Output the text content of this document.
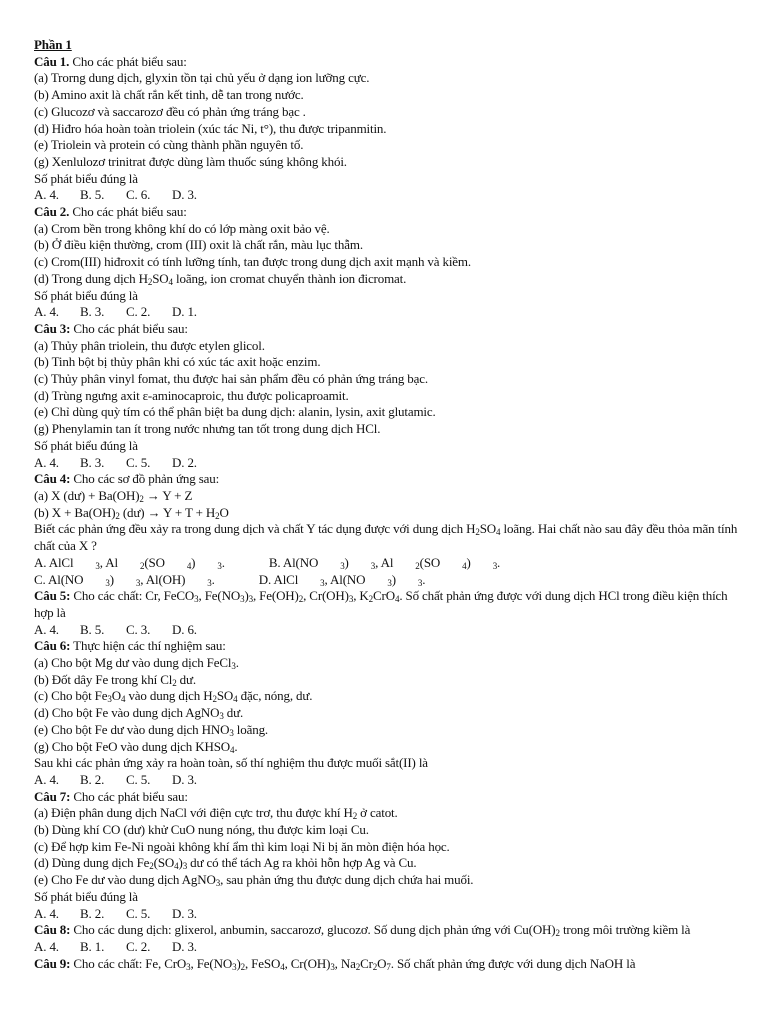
Phần 1
Câu 1. Cho các phát biểu sau:
(a) Trorng dung dịch, glyxin tồn tại chủ yếu ở dạng ion lưỡng cực.
(b) Amino axit là chất rắn kết tinh, dễ tan trong nước.
(c) Glucozơ và saccarozơ đều có phản ứng tráng bạc .
(d) Hiđro hóa hoàn toàn triolein (xúc tác Ni, t°), thu được tripanmitin.
(e) Triolein và protein có cùng thành phần nguyên tố.
(g) Xenlulozơ trinitrat được dùng làm thuốc súng không khói.
Số phát biểu đúng là
A. 4.	B. 5.	C. 6.	D. 3.
Câu 2. Cho các phát biểu sau:
(a) Crom bền trong không khí do có lớp màng oxit bảo vệ.
(b) Ở điều kiện thường, crom (III) oxit là chất rắn, màu lục thẫm.
(c) Crom(III) hiđroxit có tính lưỡng tính, tan được trong dung dịch axit mạnh và kiềm.
(d) Trong dung dịch $H_2SO_4$ loãng, ion cromat chuyển thành ion đicromat.
Số phát biểu đúng là
A. 4.	B. 3.	C. 2.	D. 1.
Câu 3: Cho các phát biểu sau:
(a) Thủy phân triolein, thu được etylen glicol.
(b) Tinh bột bị thủy phân khi có xúc tác axit hoặc enzim.
(c) Thủy phân vinyl fomat, thu được hai sản phẩm đều có phản ứng tráng bạc.
(d) Trùng ngưng axit ε-aminocaproic, thu được policaproamit.
(e) Chỉ dùng quỳ tím có thể phân biệt ba dung dịch: alanin, lysin, axit glutamic.
(g) Phenylamin tan ít trong nước nhưng tan tốt trong dung dịch HCl.
Số phát biểu đúng là
A. 4.	B. 3.	C. 5.	D. 2.
Câu 4: Cho các sơ đồ phản ứng sau:
(a) X (dư) + $Ba(OH)_2 \to Y + Z$
(b) $X + Ba(OH)_2$ (dư) → $Y + T + H_2O$
Biết các phản ứng đều xảy ra trong dung dịch và chất Y tác dụng được với dung dịch $H_2SO_4$ loãng. Hai chất nào sau đây đều thỏa mãn tính chất của X ?
A. AlCl $_3$, Al $_2$(SO $_4$) $_3$.	B. Al(NO $_3$) $_3$, Al $_2$(SO $_4$) $_3$.
C. Al(NO $_3$) $_3$, Al(OH) $_3$.	D. AlCl $_3$, Al(NO $_3$) $_3$.
Câu 5: Cho các chất: Cr, FeCO$_3$, $Fe(NO_3)_3$, $Fe(OH)_2$, $Cr(OH)_3$, $K_2CrO_4$. Số chất phản ứng được với dung dịch HCl trong điều kiện thích hợp là
A. 4.	B. 5.	C. 3.	D. 6.
Câu 6: Thực hiện các thí nghiệm sau:
(a) Cho bột Mg dư vào dung dịch FeCl$_3$.
(b) Đốt dây Fe trong khí $Cl_2$ dư.
(c) Cho bột $Fe_3O_4$ vào dung dịch $H_2SO_4$ đặc, nóng, dư.
(d) Cho bột Fe vào dung dịch AgNO$_3$ dư.
(e) Cho bột Fe dư vào dung dịch $HNO_3$ loãng.
(g) Cho bột FeO vào dung dịch $KHSO_4$.
Sau khi các phản ứng xảy ra hoàn toàn, số thí nghiệm thu được muối sắt(II) là
A. 4.	B. 2.	C. 5.	D. 3.
Câu 7: Cho các phát biểu sau:
(a) Điện phân dung dịch NaCl với điện cực trơ, thu được khí $H_2$ ở catot.
(b) Dùng khí CO (dư) khử CuO nung nóng, thu được kim loại Cu.
(c) Để hợp kim Fe-Ni ngoài không khí ẩm thì kim loại Ni bị ăn mòn điện hóa học.
(d) Dùng dung dịch $Fe_2(SO_4)_3$ dư có thể tách Ag ra khỏi hỗn hợp Ag và Cu.
(e) Cho Fe dư vào dung dịch AgNO$_3$, sau phản ứng thu được dung dịch chứa hai muối.
Số phát biểu đúng là
A. 4.	B. 2.	C. 5.	D. 3.
Câu 8: Cho các dung dịch: glixerol, anbumin, saccarozơ, glucozơ. Số dung dịch phản ứng với $Cu(OH)_2$ trong môi trường kiềm là
A. 4.	B. 1.	C. 2.	D. 3.
Câu 9: Cho các chất: Fe, CrO$_3$, $Fe(NO_3)_2$, FeSO$_4$, $Cr(OH)_3$, $Na_2Cr_2O_7$. Số chất phản ứng được với dung dịch NaOH là
